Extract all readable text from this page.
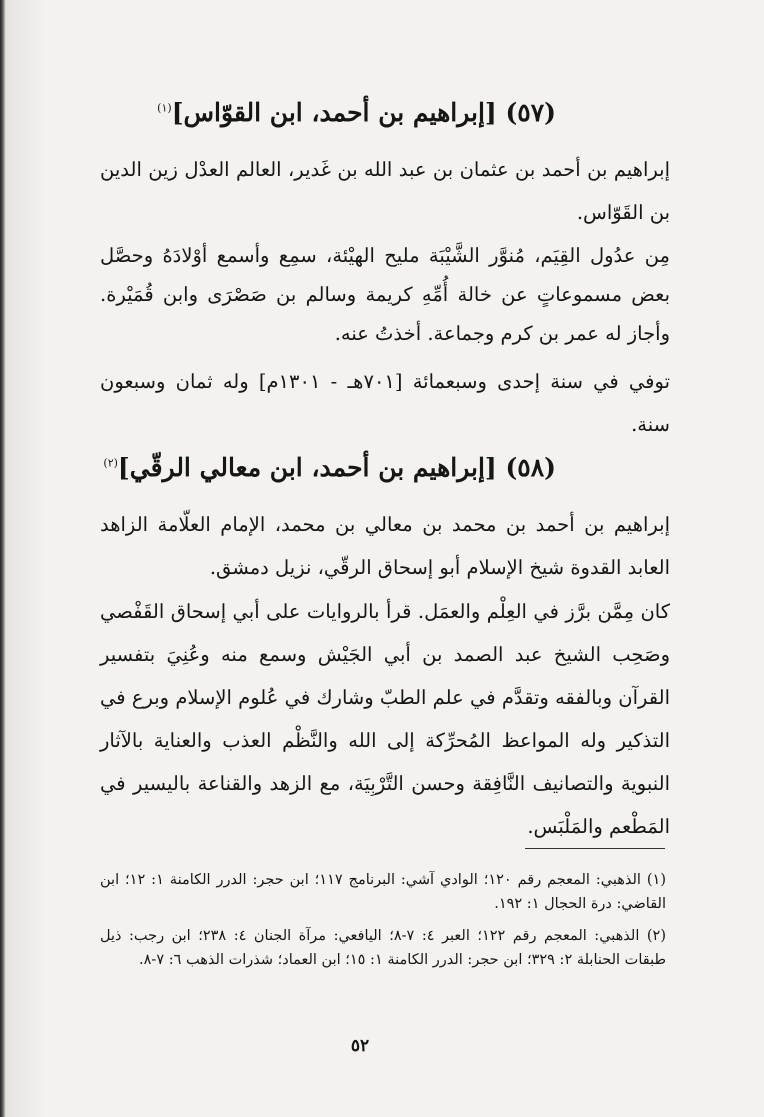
(٥٧) [إبراهيم بن أحمد، ابن القوّاس]$^{(١)}$

إبراهيم بن أحمد بن عثمان بن عبد الله بن غَدير، العالم العدْل زين الدين بن القَوّاس.

مِن عدُول القِيَم، مُنوَّر الشَّيْبَة مليح الهيْئة، سمِع وأسمع أوْلادَهُ وحصَّل بعض مسموعاتٍ عن خالة أُمِّهِ كريمة وسالم بن صَصْرَى وابن قُمَيْرة. وأجاز له عمر بن كرم وجماعة. أخذتُ عنه.

توفي في سنة إحدى وسبعمائة [٧٠١هـ - ١٣٠١م] وله ثمان وسبعون سنة.

(٥٨) [إبراهيم بن أحمد، ابن معالي الرقّي]$^{(٢)}$

إبراهيم بن أحمد بن محمد بن معالي بن محمد، الإمام العلّامة الزاهد العابد القدوة شيخ الإسلام أبو إسحاق الرقّي، نزيل دمشق.

كان مِمَّن برَّز في العِلْم والعمَل. قرأ بالروايات على أبي إسحاق القَفْصي وصَحِب الشيخ عبد الصمد بن أبي الجَيْش وسمع منه وعُنِيَ بتفسير القرآن وبالفقه وتقدَّم في علم الطبّ وشارك في عُلوم الإسلام وبرع في التذكير وله المواعظ المُحرِّكة إلى الله والنَّظْم العذب والعناية بالآثار النبوية والتصانيف النَّافِقة وحسن التَّرْبِيَة، مع الزهد والقناعة باليسير في المَطْعم والمَلْبَس.

(١) الذهبي: المعجم رقم ١٢٠؛ الوادي آشي: البرنامج ١١٧؛ ابن حجر: الدرر الكامنة ١: ١٢؛ ابن القاضي: درة الحجال ١: ١٩٢.

(٢) الذهبي: المعجم رقم ١٢٢؛ العبر ٤: ٧-٨؛ اليافعي: مرآة الجنان ٤: ٢٣٨؛ ابن رجب: ذيل طبقات الحنابلة ٢: ٣٢٩؛ ابن حجر: الدرر الكامنة ١: ١٥؛ ابن العماد؛ شذرات الذهب ٦: ٧-٨.

٥٢
